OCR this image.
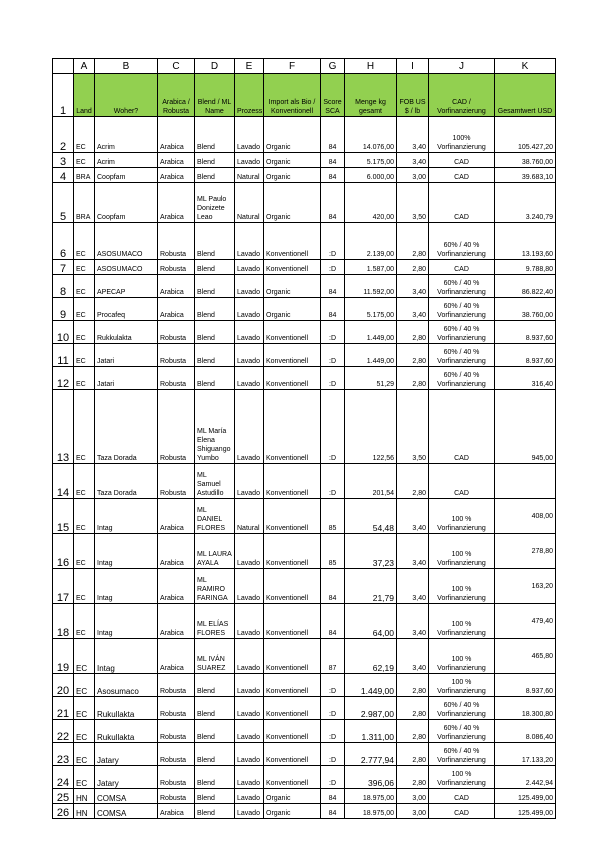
	A	B	C	D	E	F	G	H	I	J	K
1	Land	Woher?	Arabica / Robusta	Blend / ML Name	Prozess	Import als Bio / Konventionell	Score SCA	Menge kg gesamt	FOB US $ / lb	CAD / Vorfinanzierung	Gesamtwert USD
2	EC	Acrim	Arabica	Blend	Lavado	Organic	84	14.076,00	3,40	100% Vorfinanzierung	105.427,20
3	EC	Acrim	Arabica	Blend	Lavado	Organic	84	5.175,00	3,40	CAD	38.760,00
4	BRA	Coopfam	Arabica	Blend	Natural	Organic	84	6.000,00	3,00	CAD	39.683,10
5	BRA	Coopfam	Arabica	ML Paulo Donizete Leao	Natural	Organic	84	420,00	3,50	CAD	3.240,79
6	EC	ASOSUMACO	Robusta	Blend	Lavado	Konventionell	:D	2.139,00	2,80	60% / 40 % Vorfinanzierung	13.193,60
7	EC	ASOSUMACO	Robusta	Blend	Lavado	Konventionell	:D	1.587,00	2,80	CAD	9.788,80
8	EC	APECAP	Arabica	Blend	Lavado	Organic	84	11.592,00	3,40	60% / 40 % Vorfinanzierung	86.822,40
9	EC	Procafeq	Arabica	Blend	Lavado	Organic	84	5.175,00	3,40	60% / 40 % Vorfinanzierung	38.760,00
10	EC	Rukkulakta	Robusta	Blend	Lavado	Konventionell	:D	1.449,00	2,80	60% / 40 % Vorfinanzierung	8.937,60
11	EC	Jatari	Robusta	Blend	Lavado	Konventionell	:D	1.449,00	2,80	60% / 40 % Vorfinanzierung	8.937,60
12	EC	Jatari	Robusta	Blend	Lavado	Konventionell	:D	51,29	2,80	60% / 40 % Vorfinanzierung	316,40
13	EC	Taza Dorada	Robusta	ML María Elena Shiguango Yumbo	Lavado	Konventionell	:D	122,56	3,50	CAD	945,00
14	EC	Taza Dorada	Robusta	ML Samuel Astudillo	Lavado	Konventionell	:D	201,54	2,80	CAD	
15	EC	Intag	Arabica	ML DANIEL FLORES	Natural	Konventionell	85	54,48	3,40	100 % Vorfinanzierung	408,00
16	EC	Intag	Arabica	ML LAURA AYALA	Lavado	Konventionell	85	37,23	3,40	100 % Vorfinanzierung	278,80
17	EC	Intag	Arabica	ML RAMIRO FARINGA	Lavado	Konventionell	84	21,79	3,40	100 % Vorfinanzierung	163,20
18	EC	Intag	Arabica	ML ELÍAS FLORES	Lavado	Konventionell	84	64,00	3,40	100 % Vorfinanzierung	479,40
19	EC	Intag	Arabica	ML IVÁN SUAREZ	Lavado	Konventionell	87	62,19	3,40	100 % Vorfinanzierung	465,80
20	EC	Asosumaco	Robusta	Blend	Lavado	Konventionell	:D	1.449,00	2,80	100 % Vorfinanzierung	8.937,60
21	EC	Rukullakta	Robusta	Blend	Lavado	Konventionell	:D	2.987,00	2,80	60% / 40 % Vorfinanzierung	18.300,80
22	EC	Rukullakta	Robusta	Blend	Lavado	Konventionell	:D	1.311,00	2,80	60% / 40 % Vorfinanzierung	8.086,40
23	EC	Jatary	Robusta	Blend	Lavado	Konventionell	:D	2.777,94	2,80	60% / 40 % Vorfinanzierung	17.133,20
24	EC	Jatary	Robusta	Blend	Lavado	Konventionell	:D	396,06	2,80	100 % Vorfinanzierung	2.442,94
25	HN	COMSA	Robusta	Blend	Lavado	Organic	84	18.975,00	3,00	CAD	125.499,00
26	HN	COMSA	Arabica	Blend	Lavado	Organic	84	18.975,00	3,00	CAD	125.499,00
